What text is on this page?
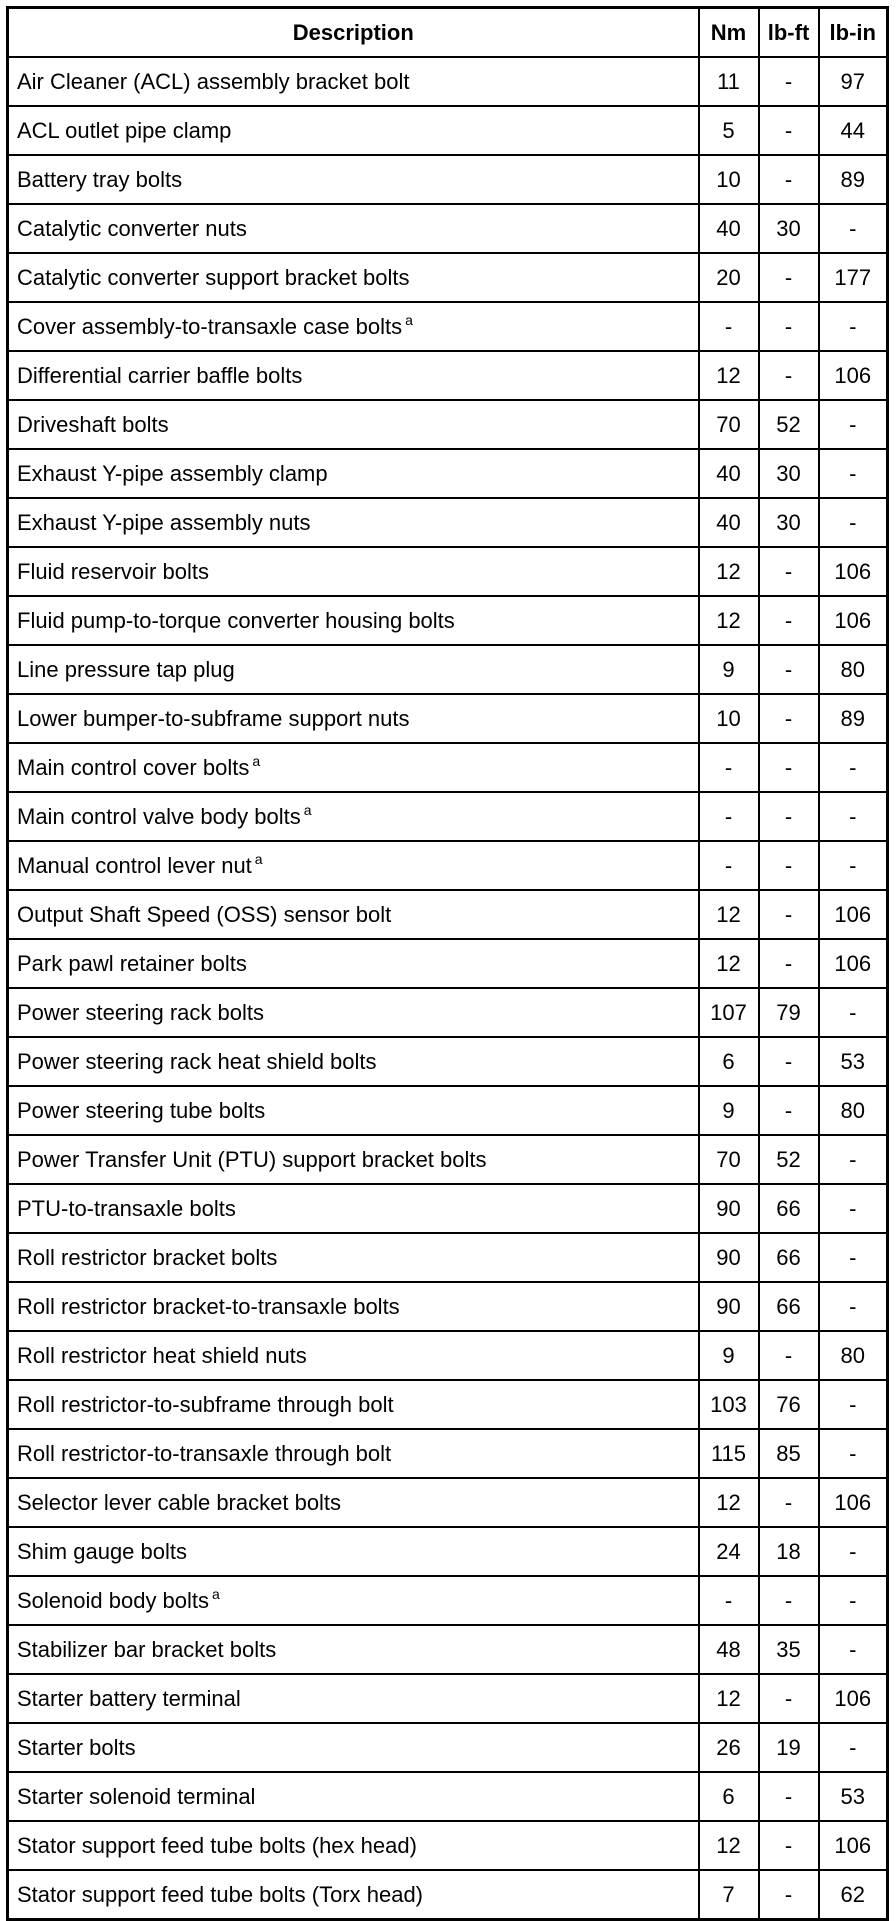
Description	Nm	lb-ft	lb-in
Air Cleaner (ACL) assembly bracket bolt	11	-	97
ACL outlet pipe clamp	5	-	44
Battery tray bolts	10	-	89
Catalytic converter nuts	40	30	-
Catalytic converter support bracket bolts	20	-	177
Cover assembly-to-transaxle case bolts $^a$	-	-	-
Differential carrier baffle bolts	12	-	106
Driveshaft bolts	70	52	-
Exhaust Y-pipe assembly clamp	40	30	-
Exhaust Y-pipe assembly nuts	40	30	-
Fluid reservoir bolts	12	-	106
Fluid pump-to-torque converter housing bolts	12	-	106
Line pressure tap plug	9	-	80
Lower bumper-to-subframe support nuts	10	-	89
Main control cover bolts $^a$	-	-	-
Main control valve body bolts $^a$	-	-	-
Manual control lever nut $^a$	-	-	-
Output Shaft Speed (OSS) sensor bolt	12	-	106
Park pawl retainer bolts	12	-	106
Power steering rack bolts	107	79	-
Power steering rack heat shield bolts	6	-	53
Power steering tube bolts	9	-	80
Power Transfer Unit (PTU) support bracket bolts	70	52	-
PTU-to-transaxle bolts	90	66	-
Roll restrictor bracket bolts	90	66	-
Roll restrictor bracket-to-transaxle bolts	90	66	-
Roll restrictor heat shield nuts	9	-	80
Roll restrictor-to-subframe through bolt	103	76	-
Roll restrictor-to-transaxle through bolt	115	85	-
Selector lever cable bracket bolts	12	-	106
Shim gauge bolts	24	18	-
Solenoid body bolts $^a$	-	-	-
Stabilizer bar bracket bolts	48	35	-
Starter battery terminal	12	-	106
Starter bolts	26	19	-
Starter solenoid terminal	6	-	53
Stator support feed tube bolts (hex head)	12	-	106
Stator support feed tube bolts (Torx head)	7	-	62
